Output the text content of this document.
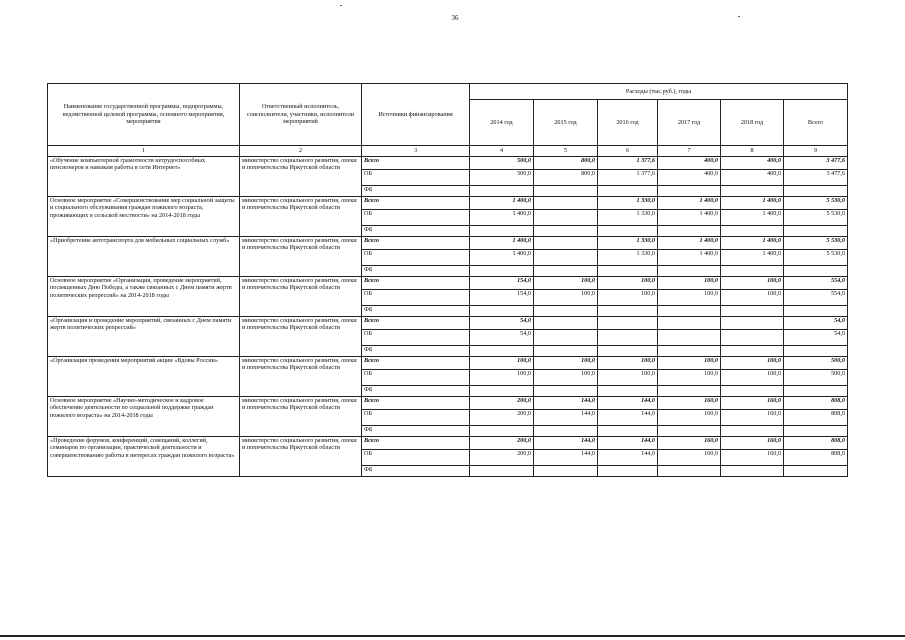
36
Наименование государственной программы, подпрограммы, ведомственной целевой программы, основного мероприятия, мероприятия	Ответственный исполнитель, соисполнители, участники, исполнители мероприятий	Источники финансирования	Расходы (тыс.руб.), годы					
			2014 год	2015 год	2016 год	2017 год	2018 год	Всего
1	2	3	4	5	6	7	8	9
«Обучение компьютерной грамотности нетрудоспособных пенсионеров и навыкам работы в сети Интернет»	министерство социального развития, опеки и попечительства Иркутской области	Всего	500,0	800,0	1 377,6	400,0	400,0	3 477,6
		ОБ	500,0	800,0	1 377,6	400,0	400,0	3 477,6
		ФБ						
Основное мероприятие «Совершенствование мер социальной защиты и социального обслуживания граждан пожилого возраста, проживающих в сельской местности» на 2014-2018 годы	министерство социального развития, опеки и попечительства Иркутской области	Всего	1 400,0		1 330,0	1 400,0	1 400,0	5 530,0
		ОБ	1 400,0		1 330,0	1 400,0	1 400,0	5 530,0
		ФБ						
«Приобретение автотранспорта для мобильных социальных служб»	министерство социального развития, опеки и попечительства Иркутской области	Всего	1 400,0		1 330,0	1 400,0	1 400,0	5 530,0
		ОБ	1 400,0		1 330,0	1 400,0	1 400,0	5 530,0
		ФБ						
Основное мероприятие «Организация, проведение мероприятий, посвященных Дню Победы, а также связанных с Днем памяти жертв политических репрессий» на 2014-2018 годы	министерство социального развития, опеки и попечительства Иркутской области	Всего	154,0	100,0	100,0	100,0	100,0	554,0
		ОБ	154,0	100,0	100,0	100,0	100,0	554,0
		ФБ						
«Организация и проведение мероприятий, связанных с Днем памяти жертв политических репрессий»	министерство социального развития, опеки и попечительства Иркутской области	Всего	54,0					54,0
		ОБ	54,0					54,0
		ФБ						
«Организация проведения мероприятий акции «Вдовы России»	министерство социального развития, опеки и попечительства Иркутской области	Всего	100,0	100,0	100,0	100,0	100,0	500,0
		ОБ	100,0	100,0	100,0	100,0	100,0	500,0
		ФБ						
Основное мероприятие «Научно-методическое и кадровое обеспечение деятельности по социальной поддержке граждан пожилого возраста» на 2014-2018 годы	министерство социального развития, опеки и попечительства Иркутской области	Всего	200,0	144,0	144,0	160,0	160,0	808,0
		ОБ	200,0	144,0	144,0	160,0	160,0	808,0
		ФБ						
«Проведение форумов, конференций, совещаний, коллегий, семинаров по организации, практической деятельности и совершенствованию работы в интересах граждан пожилого возраста»	министерство социального развития, опеки и попечительства Иркутской области	Всего	200,0	144,0	144,0	160,0	160,0	808,0
		ОБ	200,0	144,0	144,0	160,0	160,0	808,0
		ФБ						
